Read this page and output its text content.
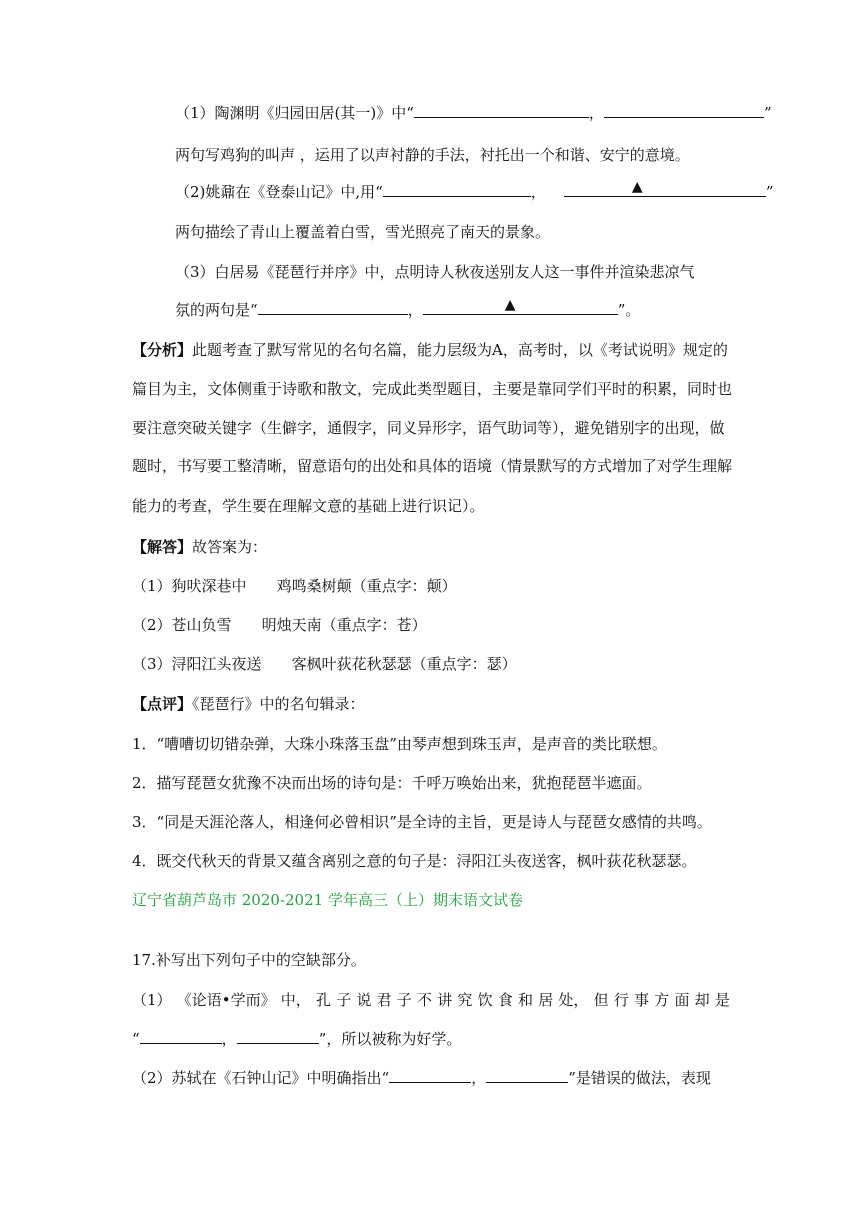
（1）陶渊明《归园田居(其一)》中“	，	”
两句写鸡狗的叫声 ，运用了以声衬静的手法，衬托出一个和谐、安宁的意境。
（2)姚鼐在《登泰山记》中,用“	，	▲	”
两句描绘了青山上覆盖着白雪，雪光照亮了南天的景象。
（3）白居易《琵琶行并序》中，点明诗人秋夜送别友人这一事件并渲染悲凉气
氛的两句是“	，	▲	”。
【分析】此题考查了默写常见的名句名篇，能力层级为A，高考时，以《考试说明》规定的
篇目为主，文体侧重于诗歌和散文，完成此类型题目，主要是靠同学们平时的积累，同时也
要注意突破关键字（生僻字，通假字，同义异形字，语气助词等），避免错别字的出现，做
题时，书写要工整清晰，留意语句的出处和具体的语境（情景默写的方式增加了对学生理解
能力的考查，学生要在理解文意的基础上进行识记）。
【解答】故答案为：
（1）狗吠深巷中 鸡鸣桑树颠（重点字：颠）
（2）苍山负雪 明烛天南（重点字：苍）
（3）浔阳江头夜送 客枫叶荻花秋瑟瑟（重点字：瑟）
【点评】《琵琶行》中的名句辑录：
1．“嘈嘈切切错杂弹，大珠小珠落玉盘”由琴声想到珠玉声，是声音的类比联想。
2．描写琵琶女犹豫不决而出场的诗句是：千呼万唤始出来，犹抱琵琶半遮面。
3．“同是天涯沦落人，相逢何必曾相识”是全诗的主旨，更是诗人与琵琶女感情的共鸣。
4．既交代秋天的背景又蕴含离别之意的句子是：浔阳江头夜送客，枫叶荻花秋瑟瑟。
辽宁省葫芦岛市 2020-2021 学年高三（上）期末语文试卷
17.补写出下列句子中的空缺部分。
（1） 《论语•学而》 中， 孔 子 说 君 子 不 讲 究 饮 食 和 居 处， 但 行 事 方 面 却 是
“	，	”，所以被称为好学。
（2）苏轼在《石钟山记》中明确指出“	，	”是错误的做法，表现
